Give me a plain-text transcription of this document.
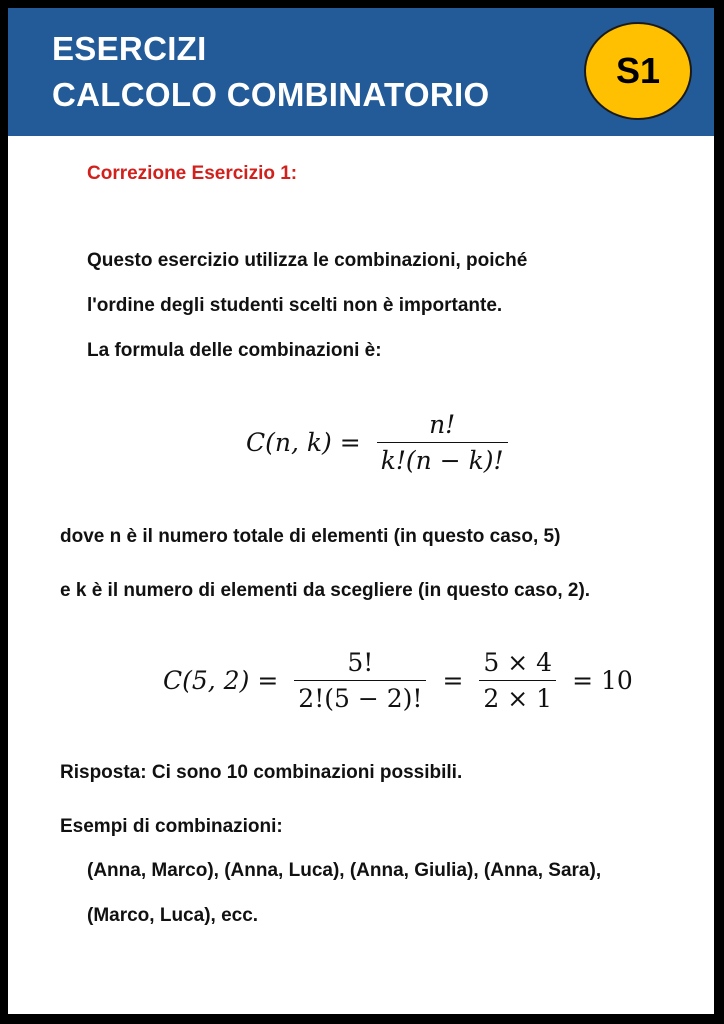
ESERCIZI
CALCOLO COMBINATORIO
S1
Correzione Esercizio 1:
Questo esercizio utilizza le combinazioni, poiché
l'ordine degli studenti scelti non è importante.
La formula delle combinazioni è:
C(n, $k) = \frac{n!}{k!(n - k)!}$
dove n è il numero totale di elementi (in questo caso, 5)
e k è il numero di elementi da scegliere (in questo caso, 2).
C(5, $2) = \frac{5!}{2!(5 - 2)!} = \frac{5 \times 4}{2 \times 1} = 10$
Risposta: Ci sono 10 combinazioni possibili.
Esempi di combinazioni:
(Anna, Marco), (Anna, Luca), (Anna, Giulia), (Anna, Sara),
(Marco, Luca), ecc.
